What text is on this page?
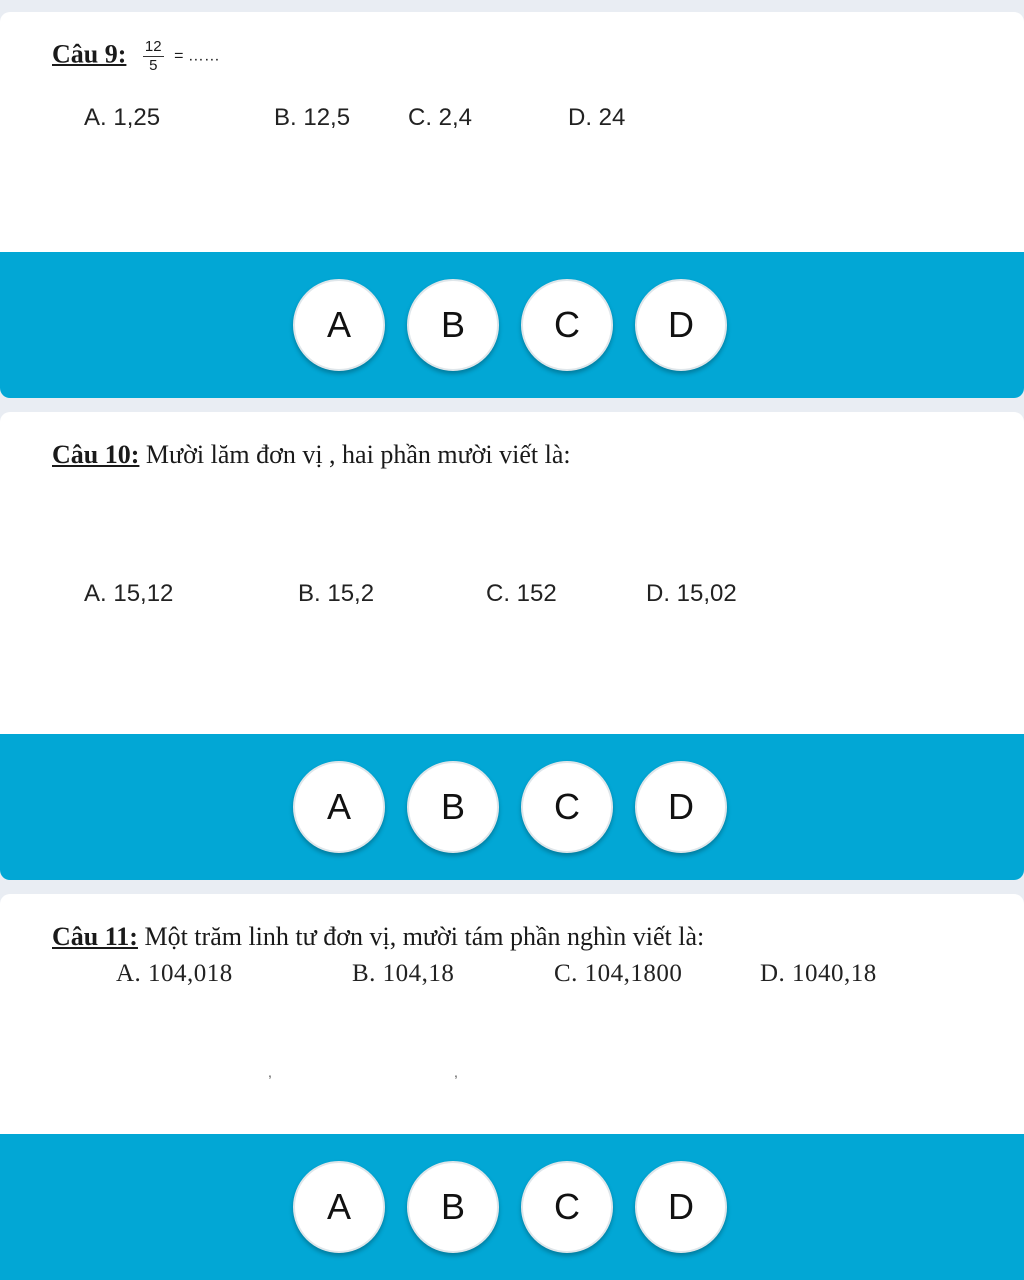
Câu 9: $\frac{12}{5}$ = ……
A. 1,25	B. 12,5 C. 2,4	D. 24
A	B	C	D
Câu 10: Mười lăm đơn vị , hai phần mười viết là:
A. 15,12	B. 15,2	C. 152	D. 15,02
A	B	C	D
Câu 11: Một trăm linh tư đơn vị, mười tám phần nghìn viết là:
A. 104,018	B. 104,18	C. 104,1800	D. 1040,18
,	,
A	B	C	D
